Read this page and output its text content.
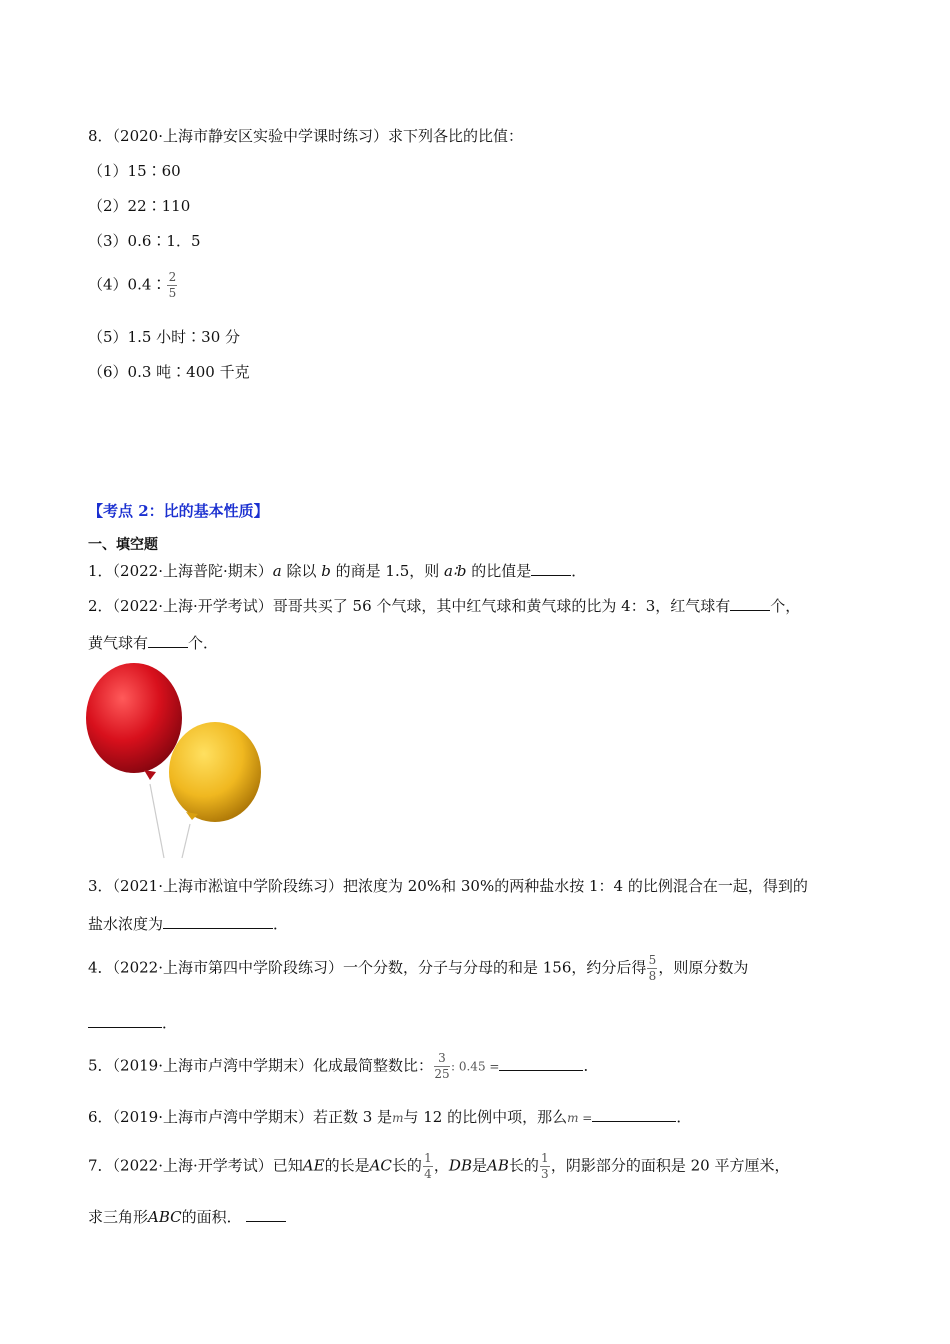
8．（2020·上海市静安区实验中学课时练习）求下列各比的比值：
（1）15∶60
（2）22∶110
（3）0.6∶1．5
（4）0.4∶ $\frac{2}{5}$
（5）1.5 小时∶30 分
（6）0.3 吨∶400 千克
【考点 2：比的基本性质】
一、填空题
1．（2022·上海普陀·期末）a 除以 b 的商是 1.5，则 a∶b 的比值是	．
2．（2022·上海·开学考试）哥哥共买了 56 个气球，其中红气球和黄气球的比为 4：3，红气球有	个，
黄气球有	个．
3．（2021·上海市淞谊中学阶段练习）把浓度为 20%和 30%的两种盐水按 1：4 的比例混合在一起，得到的
盐水浓度为	．
4．（2022·上海市第四中学阶段练习）一个分数，分子与分母的和是 156，约分后得 $\frac{5}{8}$ ，则原分数为
．
5．（2019·上海市卢湾中学期末）化成最简整数比： $\frac{3}{25}$ : 0.45 =	．
6．（2019·上海市卢湾中学期末）若正数 3 是m与 12 的比例中项，那么m =	．
7．（2022·上海·开学考试）已知AE的长是AC长的 $\frac{1}{4}$ ，DB是AB长的 $\frac{1}{3}$ ，阴影部分的面积是 20 平方厘米，
求三角形ABC的面积．
